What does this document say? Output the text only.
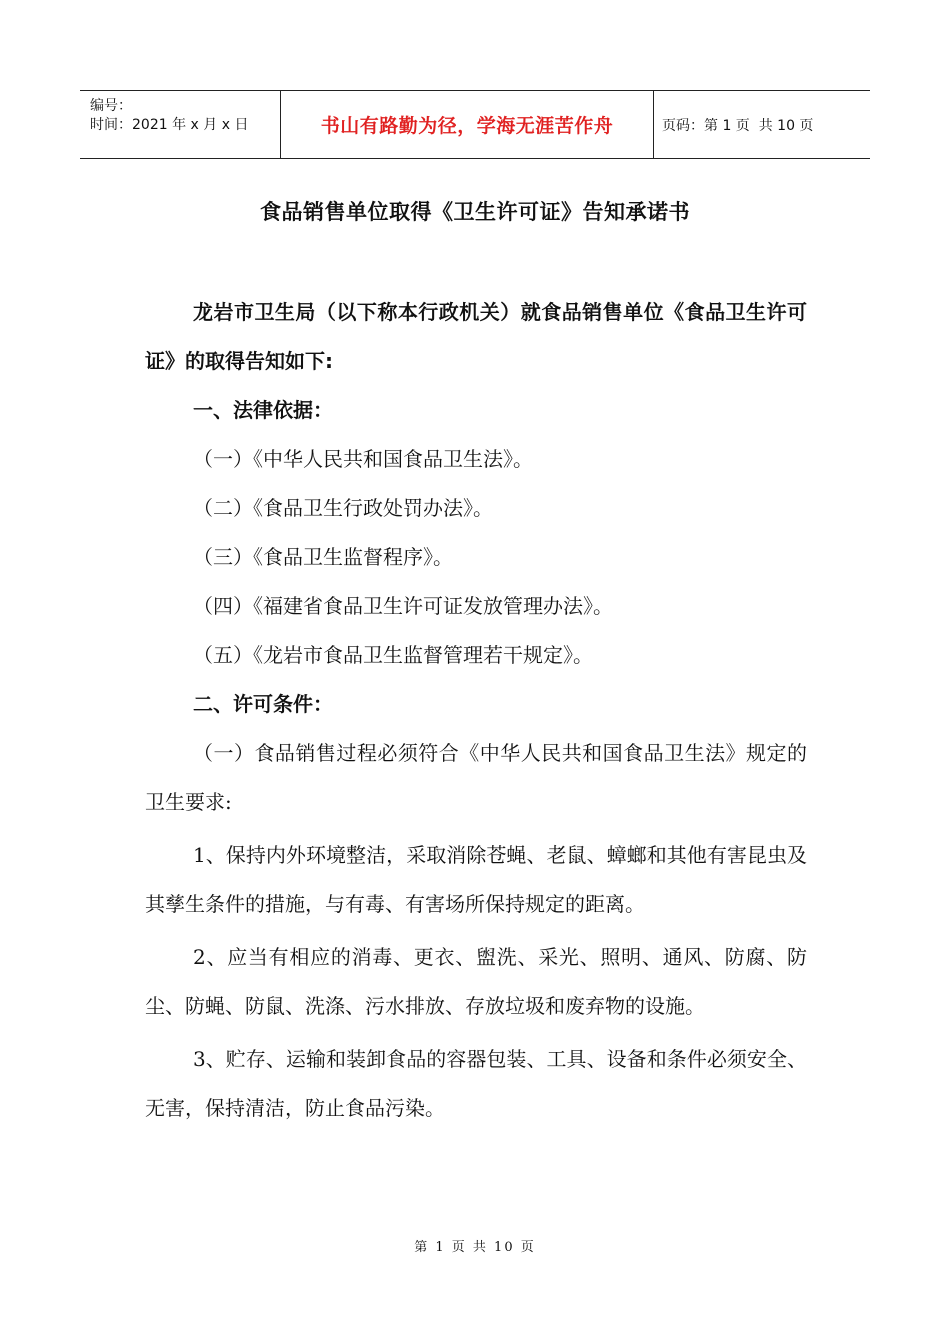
编号：
时间：2021 年 x 月 x 日	书山有路勤为径，学海无涯苦作舟	页码：第 1 页  共 10 页
食品销售单位取得《卫生许可证》告知承诺书

龙岩市卫生局（以下称本行政机关）就食品销售单位《食品卫生许可证》的取得告知如下:

一、法律依据：

（一）《中华人民共和国食品卫生法》。

（二）《食品卫生行政处罚办法》。

（三）《食品卫生监督程序》。

（四）《福建省食品卫生许可证发放管理办法》。

（五）《龙岩市食品卫生监督管理若干规定》。

二、许可条件：

（一）食品销售过程必须符合《中华人民共和国食品卫生法》规定的卫生要求:

1、保持内外环境整洁，采取消除苍蝇、老鼠、蟑螂和其他有害昆虫及其孳生条件的措施，与有毒、有害场所保持规定的距离。

2、应当有相应的消毒、更衣、盥洗、采光、照明、通风、防腐、防尘、防蝇、防鼠、洗涤、污水排放、存放垃圾和废弃物的设施。

3、贮存、运输和装卸食品的容器包装、工具、设备和条件必须安全、无害，保持清洁，防止食品污染。

第 1 页 共 10 页
